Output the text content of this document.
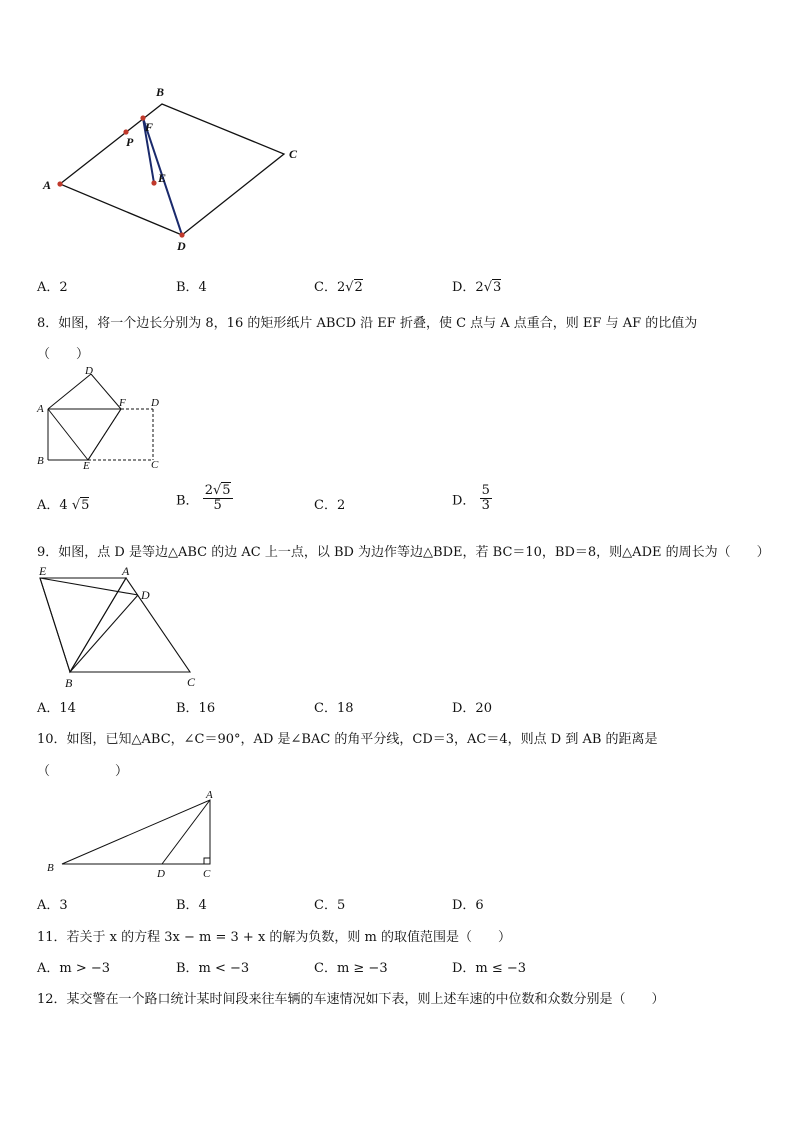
B
C
A
D
E
F
P
A．2	B．4	C．2√2	D．2√3
8．如图，将一个边长分别为 8，16 的矩形纸片 ABCD 沿 EF 折叠，使 C 点与 A 点重合，则 EF 与 AF 的比值为
（　　）
A
B	C
D
D
E
F
A．4 √5	B． $\frac{2√5}{5}$	C．2	D． $\frac{5}{3}$
9．如图，点 D 是等边△ABC 的边 AC 上一点，以 BD 为边作等边△BDE，若 BC＝10，BD＝8，则△ADE 的周长为（　　）
E	A
D
B	C
A．14	B．16	C．18	D．20
10．如图，已知△ABC，∠C＝90°，AD 是∠BAC 的角平分线，CD＝3，AC＝4，则点 D 到 AB 的距离是
（　　　　　）
A
B	D	C
A．3	B．4	C．5	D．6
11．若关于 x 的方程 3x − m = 3 + x 的解为负数，则 m 的取值范围是（　　）
A．m > −3	B．m < −3	C．m ≥ −3	D．m ≤ −3
12．某交警在一个路口统计某时间段来往车辆的车速情况如下表，则上述车速的中位数和众数分别是（　　）
